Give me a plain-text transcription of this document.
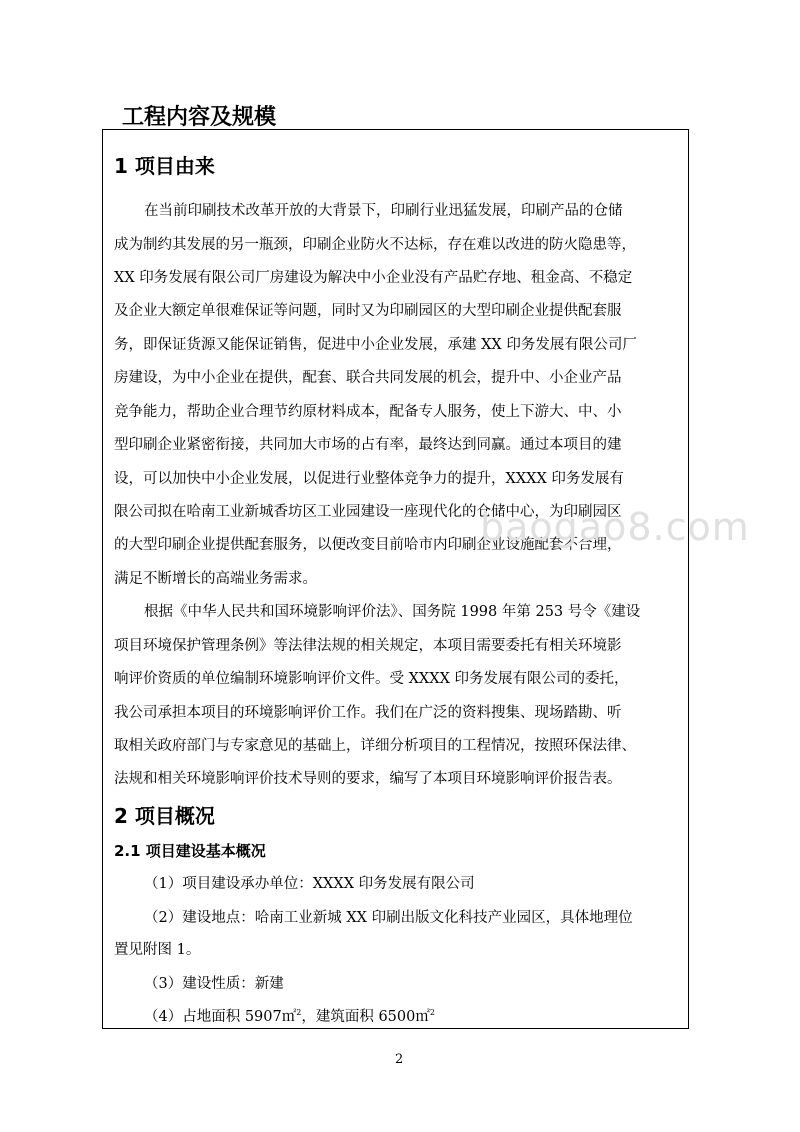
工程内容及规模
1 项目由来
在当前印刷技术改革开放的大背景下，印刷行业迅猛发展，印刷产品的仓储
成为制约其发展的另一瓶颈，印刷企业防火不达标，存在难以改进的防火隐患等，
XX 印务发展有限公司厂房建设为解决中小企业没有产品贮存地、租金高、不稳定
及企业大额定单很难保证等问题，同时又为印刷园区的大型印刷企业提供配套服
务，即保证货源又能保证销售，促进中小企业发展，承建 XX 印务发展有限公司厂
房建设，为中小企业在提供，配套、联合共同发展的机会，提升中、小企业产品
竞争能力，帮助企业合理节约原材料成本，配备专人服务，使上下游大、中、小
型印刷企业紧密衔接，共同加大市场的占有率，最终达到同赢。通过本项目的建
设，可以加快中小企业发展，以促进行业整体竞争力的提升，XXXX 印务发展有
限公司拟在哈南工业新城香坊区工业园建设一座现代化的仓储中心，为印刷园区
的大型印刷企业提供配套服务，以便改变目前哈市内印刷企业设施配套不合理，
满足不断增长的高端业务需求。
baogao8.com
根据《中华人民共和国环境影响评价法》、国务院 1998 年第 253 号令《建设
项目环境保护管理条例》等法律法规的相关规定，本项目需要委托有相关环境影
响评价资质的单位编制环境影响评价文件。受 XXXX 印务发展有限公司的委托，
我公司承担本项目的环境影响评价工作。我们在广泛的资料搜集、现场踏勘、听
取相关政府部门与专家意见的基础上，详细分析项目的工程情况，按照环保法律、
法规和相关环境影响评价技术导则的要求，编写了本项目环境影响评价报告表。
2 项目概况
2.1 项目建设基本概况
（1）项目建设承办单位：XXXX 印务发展有限公司
（2）建设地点：哈南工业新城 XX 印刷出版文化科技产业园区，具体地理位
置见附图 1。
（3）建设性质：新建
（4）占地面积 5907㎡$^2$，建筑面积 6500㎡$^2$
2
